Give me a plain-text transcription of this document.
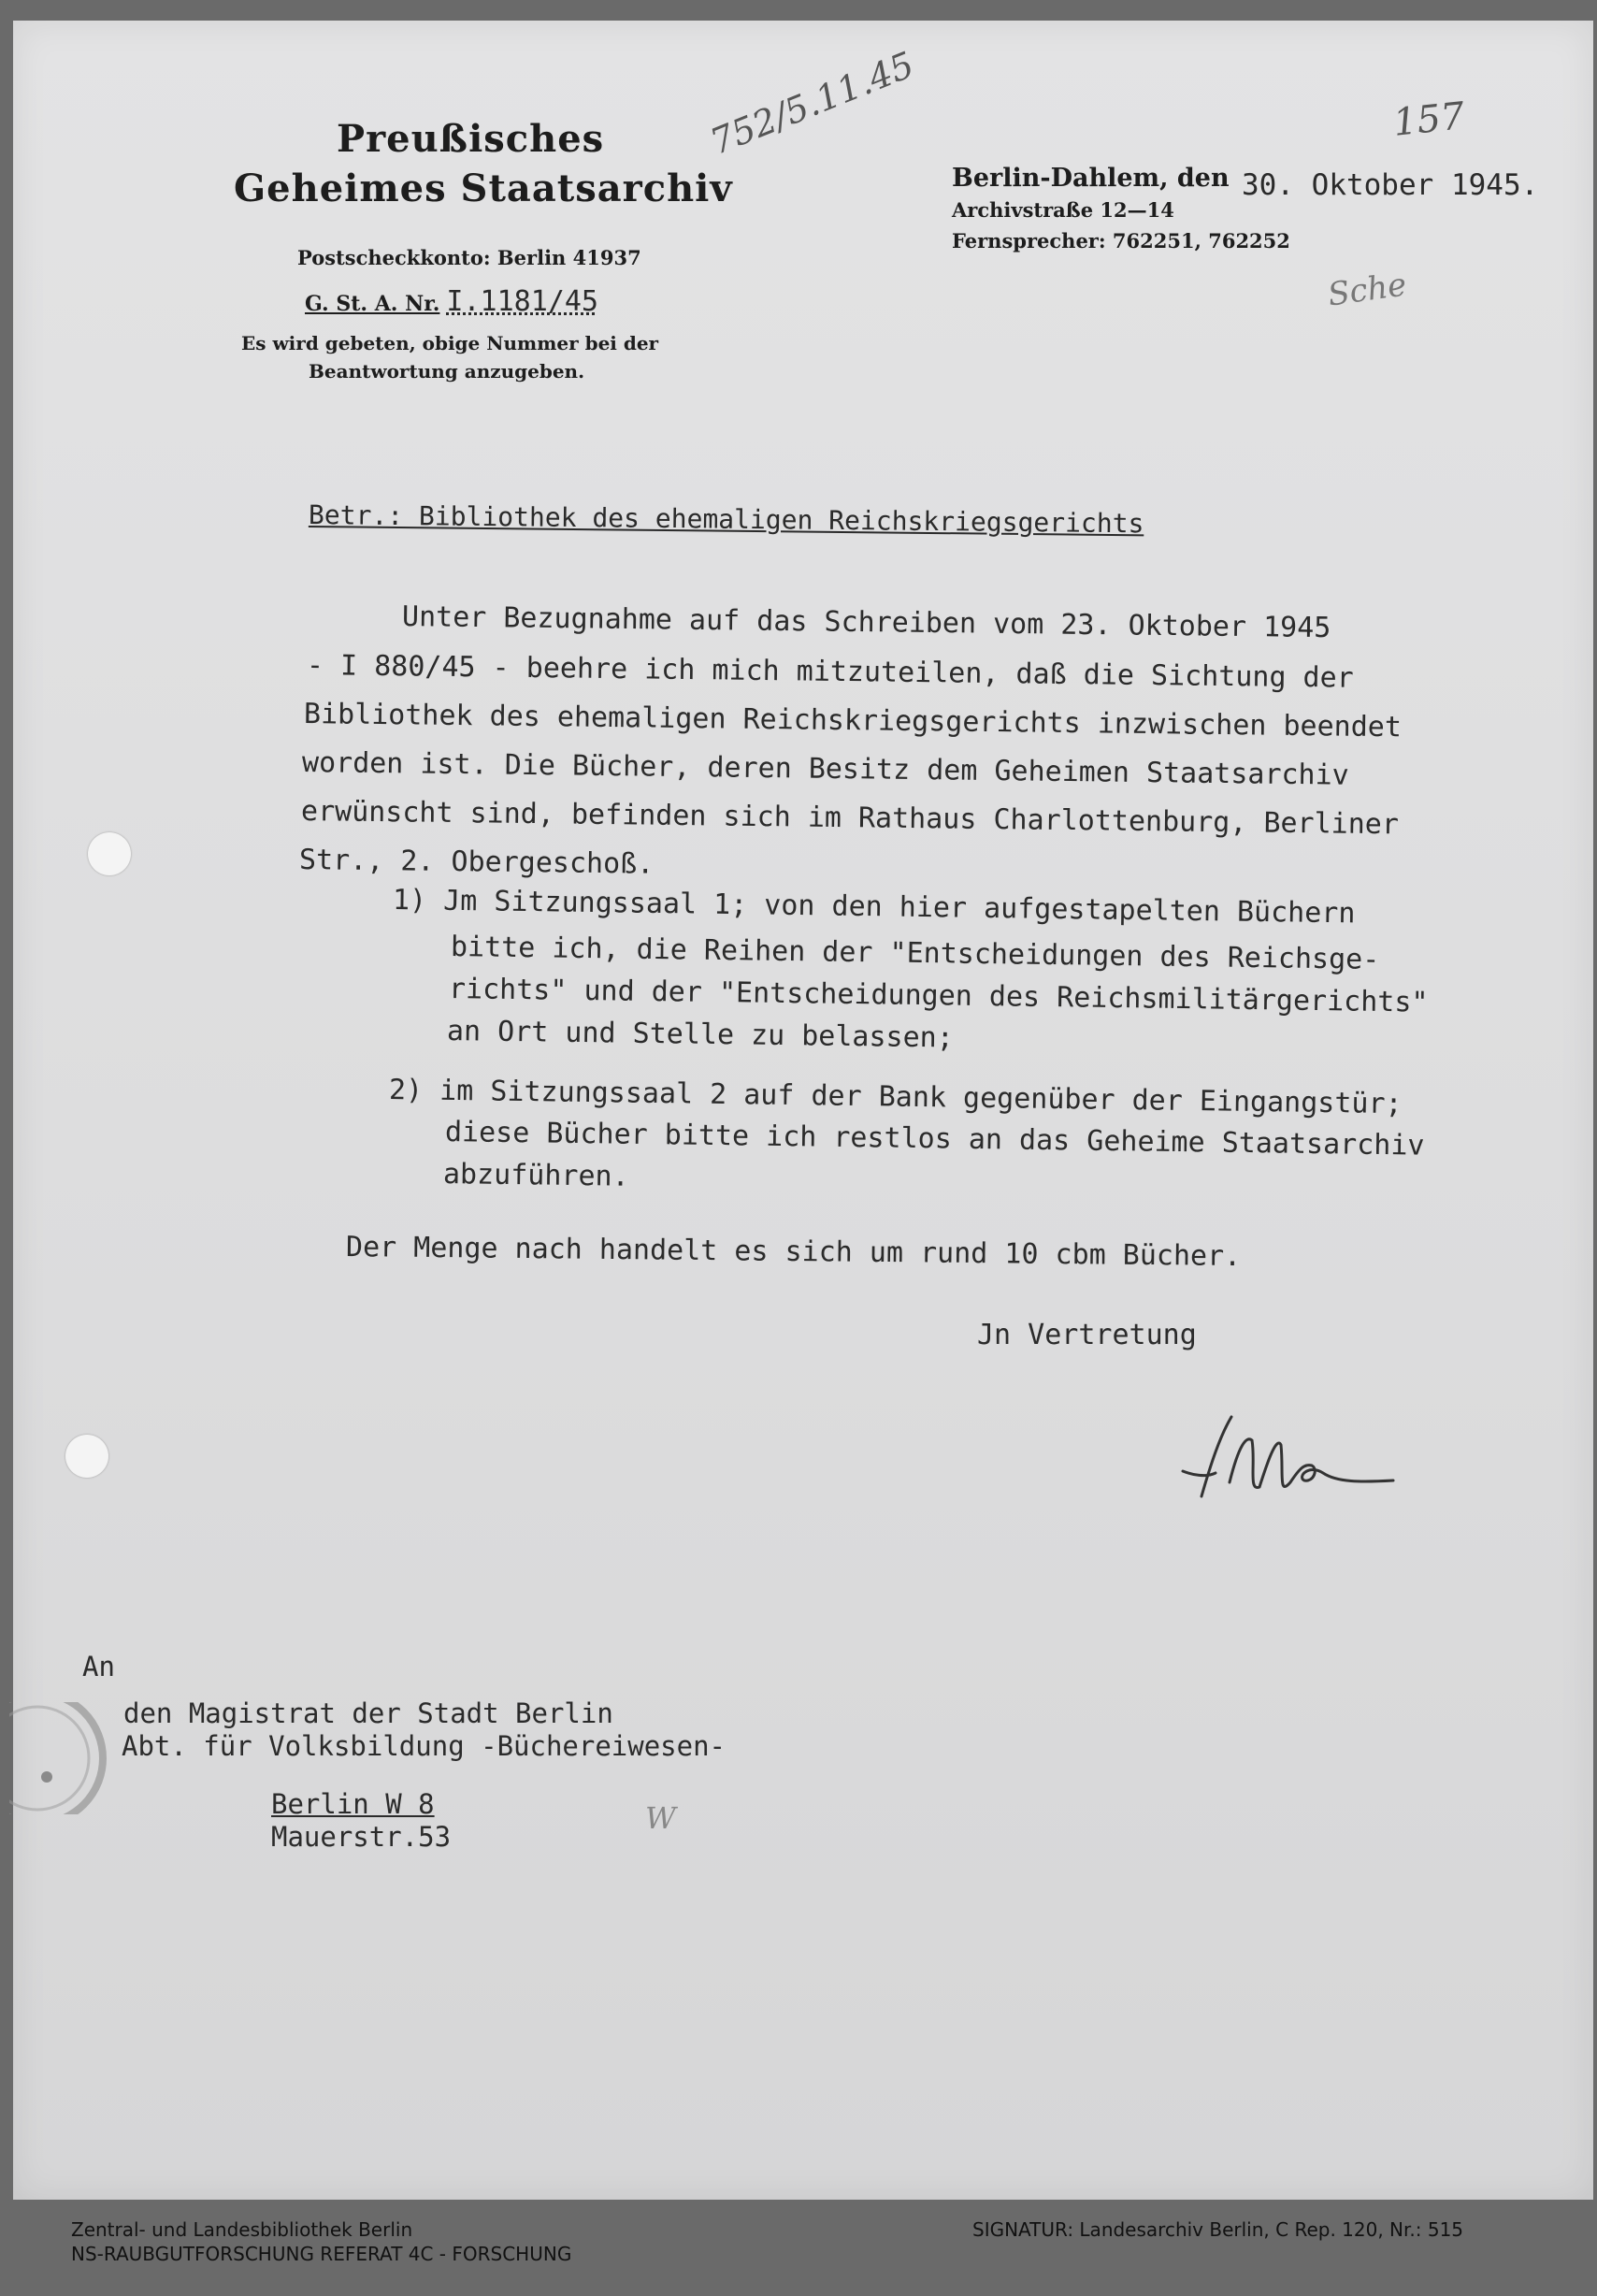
Preußisches
Geheimes Staatsarchiv
Postscheckkonto: Berlin 41937
G. St. A. Nr. I.1181/45
Es wird gebeten, obige Nummer bei der
Beantwortung anzugeben.
752/5.11.45	157
Sche
W
Berlin-Dahlem, den 30. Oktober 1945.
Archivstraße 12—14
Fernsprecher: 762251, 762252
Betr.: Bibliothek des ehemaligen Reichskriegsgerichts
Unter Bezugnahme auf das Schreiben vom 23. Oktober 1945
- I 880/45 - beehre ich mich mitzuteilen, daß die Sichtung der
Bibliothek des ehemaligen Reichskriegsgerichts inzwischen beendet
worden ist. Die Bücher, deren Besitz dem Geheimen Staatsarchiv
erwünscht sind, befinden sich im Rathaus Charlottenburg, Berliner
Str., 2. Obergeschoß.
1) Jm Sitzungssaal 1; von den hier aufgestapelten Büchern
bitte ich, die Reihen der "Entscheidungen des Reichsge-
richts" und der "Entscheidungen des Reichsmilitärgerichts"
an Ort und Stelle zu belassen;
2) im Sitzungssaal 2 auf der Bank gegenüber der Eingangstür;
diese Bücher bitte ich restlos an das Geheime Staatsarchiv
abzuführen.
Der Menge nach handelt es sich um rund 10 cbm Bücher.
Jn Vertretung
An
den Magistrat der Stadt Berlin
Abt. für Volksbildung -Büchereiwesen-
Berlin W 8
Mauerstr.53
Zentral- und Landesbibliothek Berlin
NS-RAUBGUTFORSCHUNG REFERAT 4C - FORSCHUNG
SIGNATUR: Landesarchiv Berlin, C Rep. 120, Nr.: 515
